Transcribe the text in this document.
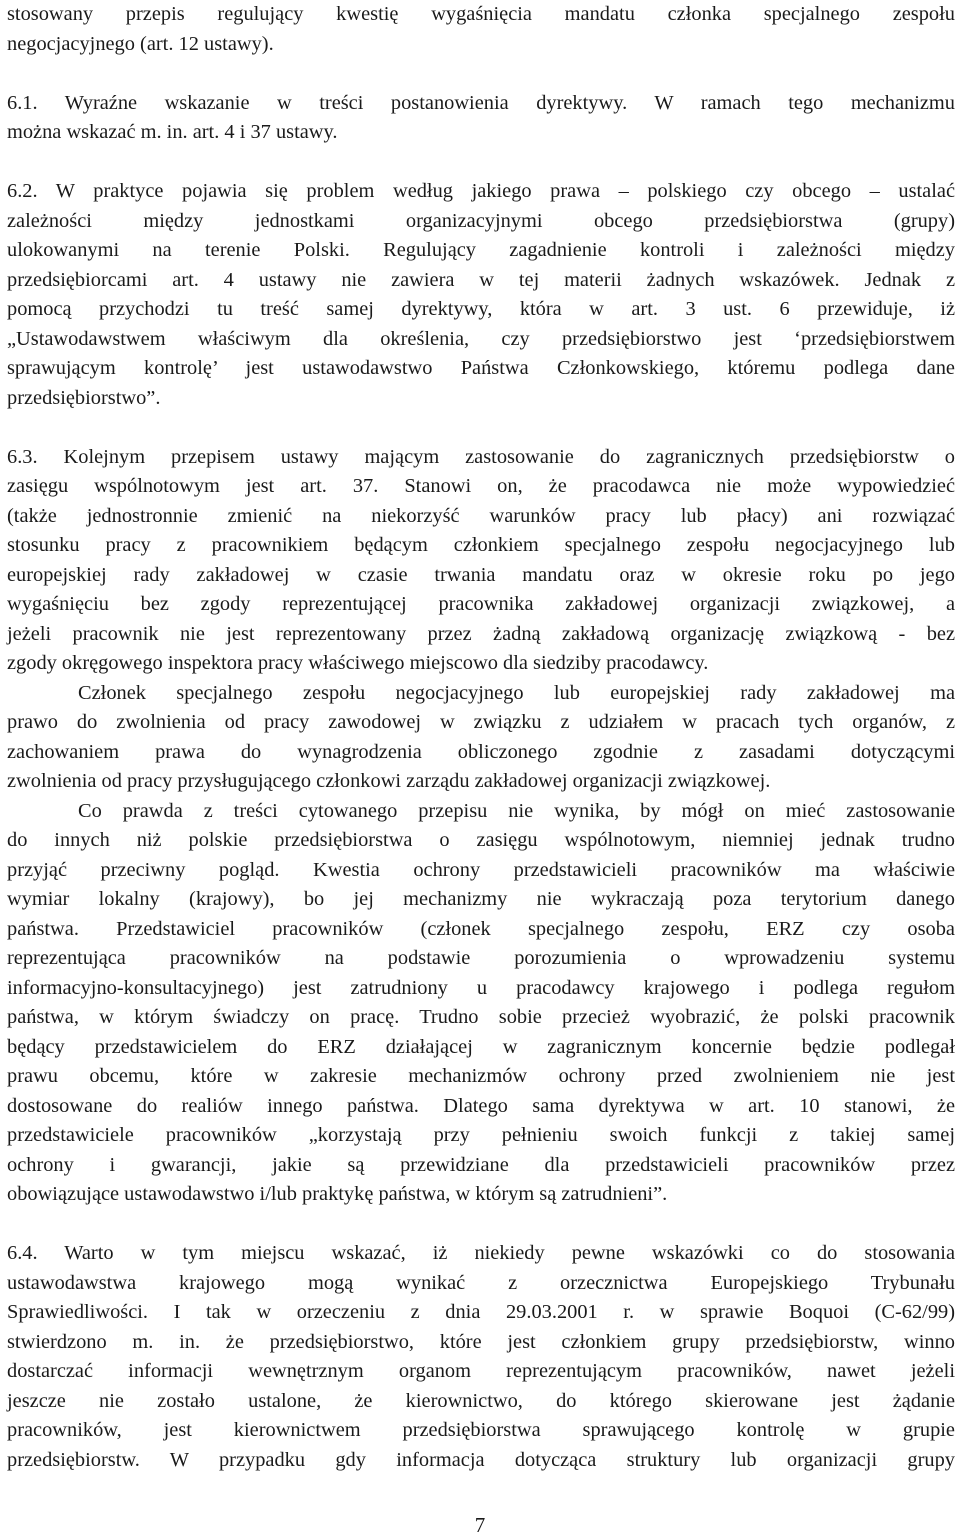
stosowany przepis regulujący kwestię wygaśnięcia mandatu członka specjalnego zespołu
negocjacyjnego (art. 12 ustawy).
6.1. Wyraźne wskazanie w treści postanowienia dyrektywy. W ramach tego mechanizmu
można wskazać m. in. art. 4 i 37 ustawy.
6.2. W praktyce pojawia się problem według jakiego prawa – polskiego czy obcego – ustalać
zależności między jednostkami organizacyjnymi obcego przedsiębiorstwa (grupy)
ulokowanymi na terenie Polski. Regulujący zagadnienie kontroli i zależności między
przedsiębiorcami art. 4 ustawy nie zawiera w tej materii żadnych wskazówek. Jednak z
pomocą przychodzi tu treść samej dyrektywy, która w art. 3 ust. 6 przewiduje, iż
„Ustawodawstwem właściwym dla określenia, czy przedsiębiorstwo jest ‘przedsiębiorstwem
sprawującym kontrolę’ jest ustawodawstwo Państwa Członkowskiego, któremu podlega dane
przedsiębiorstwo”.
6.3. Kolejnym przepisem ustawy mającym zastosowanie do zagranicznych przedsiębiorstw o
zasięgu wspólnotowym jest art. 37. Stanowi on, że pracodawca nie może wypowiedzieć
(także jednostronnie zmienić na niekorzyść warunków pracy lub płacy) ani rozwiązać
stosunku pracy z pracownikiem będącym członkiem specjalnego zespołu negocjacyjnego lub
europejskiej rady zakładowej w czasie trwania mandatu oraz w okresie roku po jego
wygaśnięciu bez zgody reprezentującej pracownika zakładowej organizacji związkowej, a
jeżeli pracownik nie jest reprezentowany przez żadną zakładową organizację związkową - bez
zgody okręgowego inspektora pracy właściwego miejscowo dla siedziby pracodawcy.
Członek specjalnego zespołu negocjacyjnego lub europejskiej rady zakładowej ma
prawo do zwolnienia od pracy zawodowej w związku z udziałem w pracach tych organów, z
zachowaniem prawa do wynagrodzenia obliczonego zgodnie z zasadami dotyczącymi
zwolnienia od pracy przysługującego członkowi zarządu zakładowej organizacji związkowej.
Co prawda z treści cytowanego przepisu nie wynika, by mógł on mieć zastosowanie
do innych niż polskie przedsiębiorstwa o zasięgu wspólnotowym, niemniej jednak trudno
przyjąć przeciwny pogląd. Kwestia ochrony przedstawicieli pracowników ma właściwie
wymiar lokalny (krajowy), bo jej mechanizmy nie wykraczają poza terytorium danego
państwa. Przedstawiciel pracowników (członek specjalnego zespołu, ERZ czy osoba
reprezentująca pracowników na podstawie porozumienia o wprowadzeniu systemu
informacyjno-konsultacyjnego) jest zatrudniony u pracodawcy krajowego i podlega regułom
państwa, w którym świadczy on pracę. Trudno sobie przecież wyobrazić, że polski pracownik
będący przedstawicielem do ERZ działającej w zagranicznym koncernie będzie podlegał
prawu obcemu, które w zakresie mechanizmów ochrony przed zwolnieniem nie jest
dostosowane do realiów innego państwa. Dlatego sama dyrektywa w art. 10 stanowi, że
przedstawiciele pracowników „korzystają przy pełnieniu swoich funkcji z takiej samej
ochrony i gwarancji, jakie są przewidziane dla przedstawicieli pracowników przez
obowiązujące ustawodawstwo i/lub praktykę państwa, w którym są zatrudnieni”.
6.4. Warto w tym miejscu wskazać, iż niekiedy pewne wskazówki co do stosowania
ustawodawstwa krajowego mogą wynikać z orzecznictwa Europejskiego Trybunału
Sprawiedliwości. I tak w orzeczeniu z dnia 29.03.2001 r. w sprawie Boquoi (C-62/99)
stwierdzono m. in. że przedsiębiorstwo, które jest członkiem grupy przedsiębiorstw, winno
dostarczać informacji wewnętrznym organom reprezentującym pracowników, nawet jeżeli
jeszcze nie zostało ustalone, że kierownictwo, do którego skierowane jest żądanie
pracowników, jest kierownictwem przedsiębiorstwa sprawującego kontrolę w grupie
przedsiębiorstw. W przypadku gdy informacja dotycząca struktury lub organizacji grupy
7
